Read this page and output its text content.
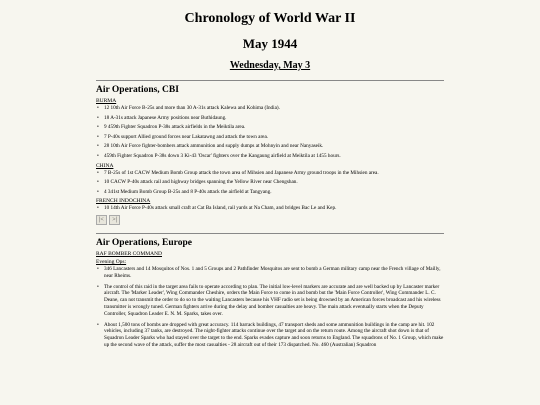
Chronology of World War II
May 1944
Wednesday, May 3
Air Operations, CBI
BURMA
• 12 10th Air Force B-25s and more than 30 A-31s attack Kalewa and Kohima (India).
• 18 A-31s attack Japanese Army positions near Buthidaung.
• 9 459th Fighter Squadron P-38s attack airfields in the Meiktila area.
• 7 P-40s support Allied ground forces near Lakatawng and attack the town area.
• 28 10th Air Force fighter-bombers attack ammunition and supply dumps at Mohnyin and near Nanyaseik.
• 459th Fighter Squadron P-38s down 3 Ki-43 'Oscar' fighters over the Kangaung airfield at Meiktila at 1455 hours.
CHINA
• 7 B-25s of 1st CACW Medium Bomb Group attack the town area of Mihsien and Japanese Army ground troops in the Mihsien area.
• 10 CACW P-40s attack rail and highway bridges spanning the Yellow River near Chengshan.
• 4 341st Medium Bomb Group B-25s and 8 P-40s attack the airfield at Tangyang.
FRENCH INDOCHINA
• 10 14th Air Force P-40s attack small craft at Cat Ba Island, rail yards at Na Cham, and bridges Bac Le and Kep.
|<	>|
Air Operations, Europe
RAF BOMBER COMMAND
Evening Ops:
• 346 Lancasters and 14 Mosquitos of Nos. 1 and 5 Groups and 2 Pathfinder Mosquitos are sent to bomb a German military camp near the French village of Mailly, near Rheims.
• The control of this raid in the target area fails to operate according to plan. The initial low-level markers are accurate and are well backed up by Lancaster marker aircraft. The 'Marker Leader', Wing Commander Cheshire, orders the Main Force to come in and bomb but the 'Main Force Controller', Wing Commander L. C. Deane, can not transmit the order to do so to the waiting Lancasters because his VHF radio set is being drowned by an American forces broadcast and his wireless transmitter is wrongly tuned. German fighters arrive during the delay and bomber casualties are heavy. The main attack eventually starts when the Deputy Controller, Squadron Leader E. N. M. Sparks, takes over.
• About 1,500 tons of bombs are dropped with great accuracy. 114 barrack buildings, 47 transport sheds and some ammunition buildings in the camp are hit. 102 vehicles, including 37 tanks, are destroyed. The night-fighter attacks continue over the target and on the return route. Among the aircraft shot down is that of Squadron Leader Sparks who had stayed over the target to the end. Sparks evades capture and soon returns to England. The squadrons of No. 1 Group, which make up the second wave of the attack, suffer the most casualties - 28 aircraft out of their 173 dispatched. No. 460 (Australian) Squadron
